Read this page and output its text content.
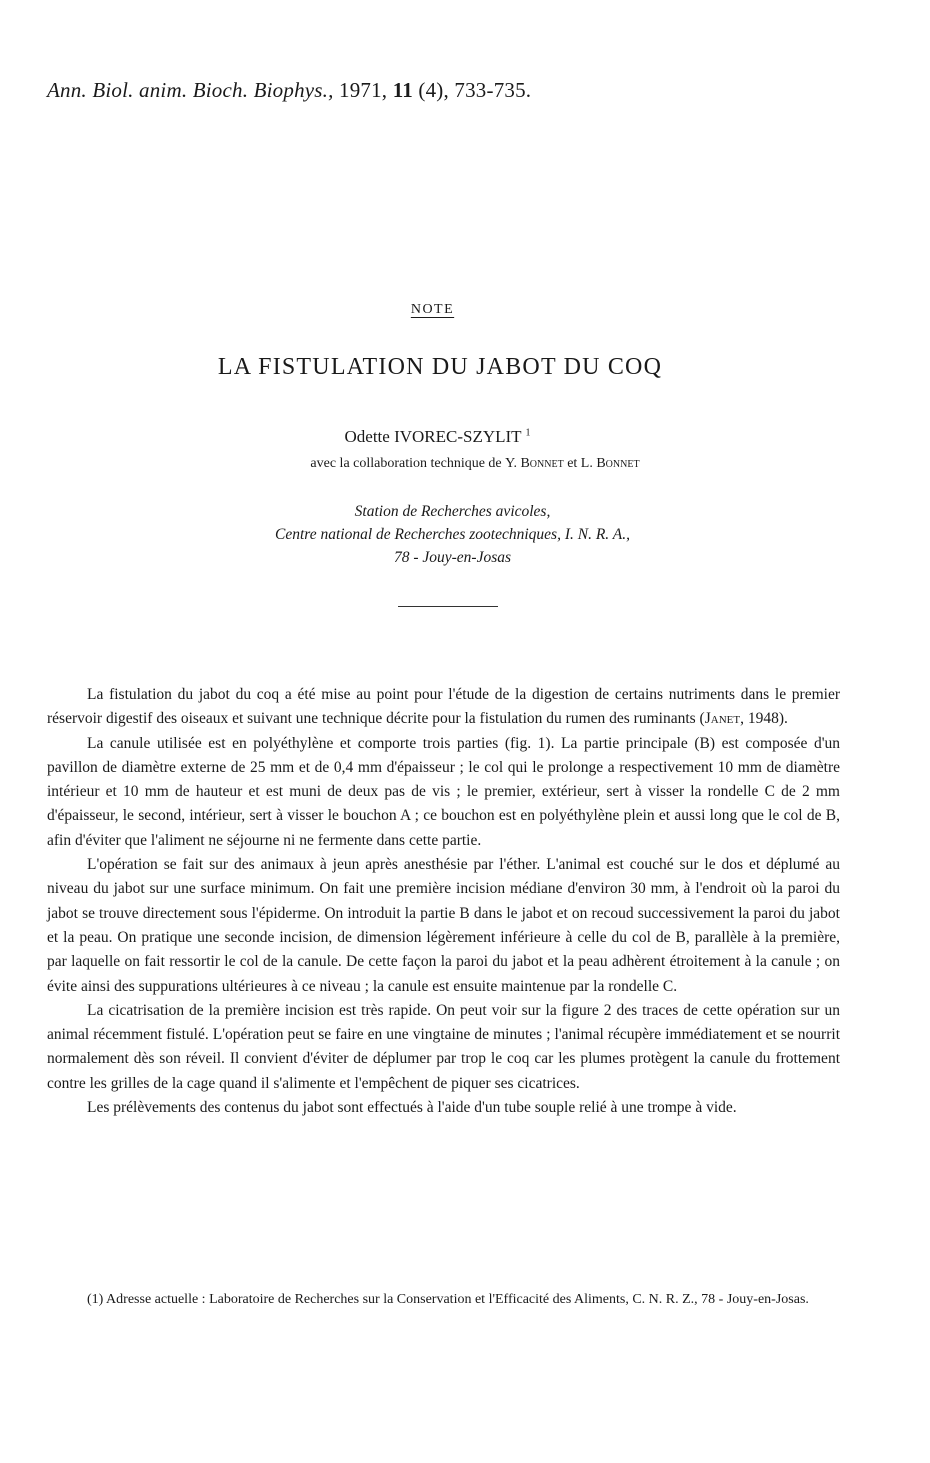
Ann. Biol. anim. Bioch. Biophys., 1971, 11 (4), 733-735.
NOTE
LA FISTULATION DU JABOT DU COQ
Odette IVOREC-SZYLIT $^1$
avec la collaboration technique de Y. Bonnet et L. Bonnet
Station de Recherches avicoles,
Centre national de Recherches zootechniques, I. N. R. A.,
78 - Jouy-en-Josas

La fistulation du jabot du coq a été mise au point pour l'étude de la digestion de certains nutriments dans le premier réservoir digestif des oiseaux et suivant une technique décrite pour la fistulation du rumen des ruminants (Janet, 1948).

La canule utilisée est en polyéthylène et comporte trois parties (fig. 1). La partie principale (B) est composée d'un pavillon de diamètre externe de 25 mm et de 0,4 mm d'épaisseur ; le col qui le prolonge a respectivement 10 mm de diamètre intérieur et 10 mm de hauteur et est muni de deux pas de vis ; le premier, extérieur, sert à visser la rondelle C de 2 mm d'épaisseur, le second, intérieur, sert à visser le bouchon A ; ce bouchon est en polyéthylène plein et aussi long que le col de B, afin d'éviter que l'aliment ne séjourne ni ne fermente dans cette partie.

L'opération se fait sur des animaux à jeun après anesthésie par l'éther. L'animal est couché sur le dos et déplumé au niveau du jabot sur une surface minimum. On fait une première incision médiane d'environ 30 mm, à l'endroit où la paroi du jabot se trouve directement sous l'épiderme. On introduit la partie B dans le jabot et on recoud successivement la paroi du jabot et la peau. On pratique une seconde incision, de dimension légèrement inférieure à celle du col de B, parallèle à la première, par laquelle on fait ressortir le col de la canule. De cette façon la paroi du jabot et la peau adhèrent étroitement à la canule ; on évite ainsi des suppurations ultérieures à ce niveau ; la canule est ensuite maintenue par la rondelle C.

La cicatrisation de la première incision est très rapide. On peut voir sur la figure 2 des traces de cette opération sur un animal récemment fistulé. L'opération peut se faire en une vingtaine de minutes ; l'animal récupère immédiatement et se nourrit normalement dès son réveil. Il convient d'éviter de déplumer par trop le coq car les plumes protègent la canule du frottement contre les grilles de la cage quand il s'alimente et l'empêchent de piquer ses cicatrices.

Les prélèvements des contenus du jabot sont effectués à l'aide d'un tube souple relié à une trompe à vide.

(1) Adresse actuelle : Laboratoire de Recherches sur la Conservation et l'Efficacité des Aliments, C. N. R. Z., 78 - Jouy-en-Josas.
